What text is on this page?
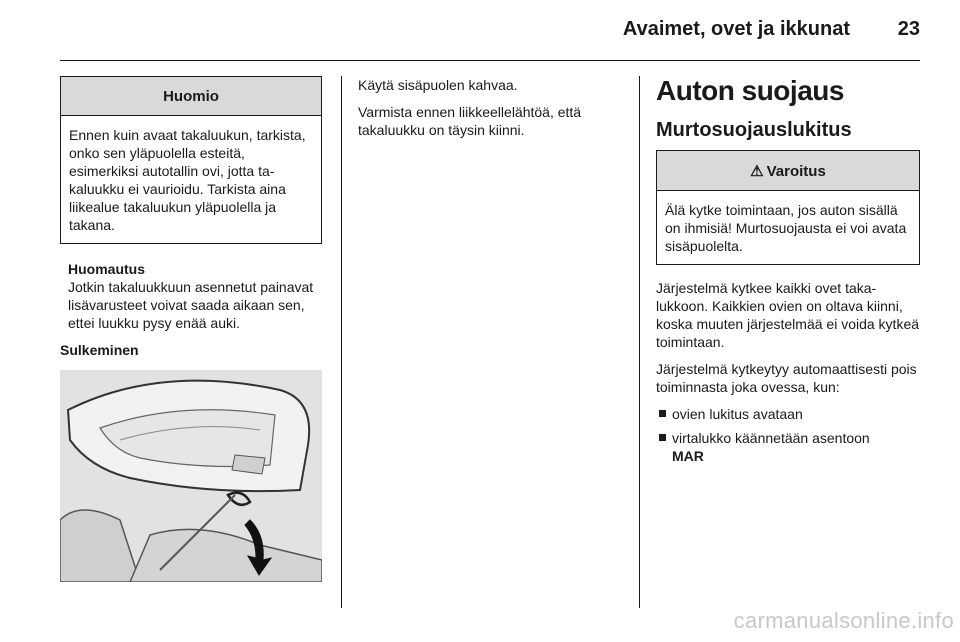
Avaimet, ovet ja ikkunat 23
Huomio
Ennen kuin avaat takaluukun, tarkista, onko sen yläpuolella esteitä, esimerkiksi autotallin ovi, jotta takaluukku ei vaurioidu. Tarkista aina liikealue takaluukun yläpuolella ja takana.
Huomautus
Jotkin takaluukkuun asennetut painavat lisävarusteet voivat saada aikaan sen, ettei luukku pysy enää auki.
Sulkeminen

Käytä sisäpuolen kahvaa.

Varmista ennen liikkeellelähtöä, että takaluukku on täysin kiinni.

Auton suojaus
Murtosuojauslukitus
⚠ Varoitus
Älä kytke toimintaan, jos auton sisällä on ihmisiä! Murtosuojausta ei voi avata sisäpuolelta.

Järjestelmä kytkee kaikki ovet takalukkoon. Kaikkien ovien on oltava kiinni, koska muuten järjestelmää ei voida kytkeä toimintaan.

Järjestelmä kytkeytyy automaattisesti pois toiminnasta joka ovessa, kun:

ovien lukitus avataan
virtalukko käännetään asentoon
MAR
carmanualsonline.info
